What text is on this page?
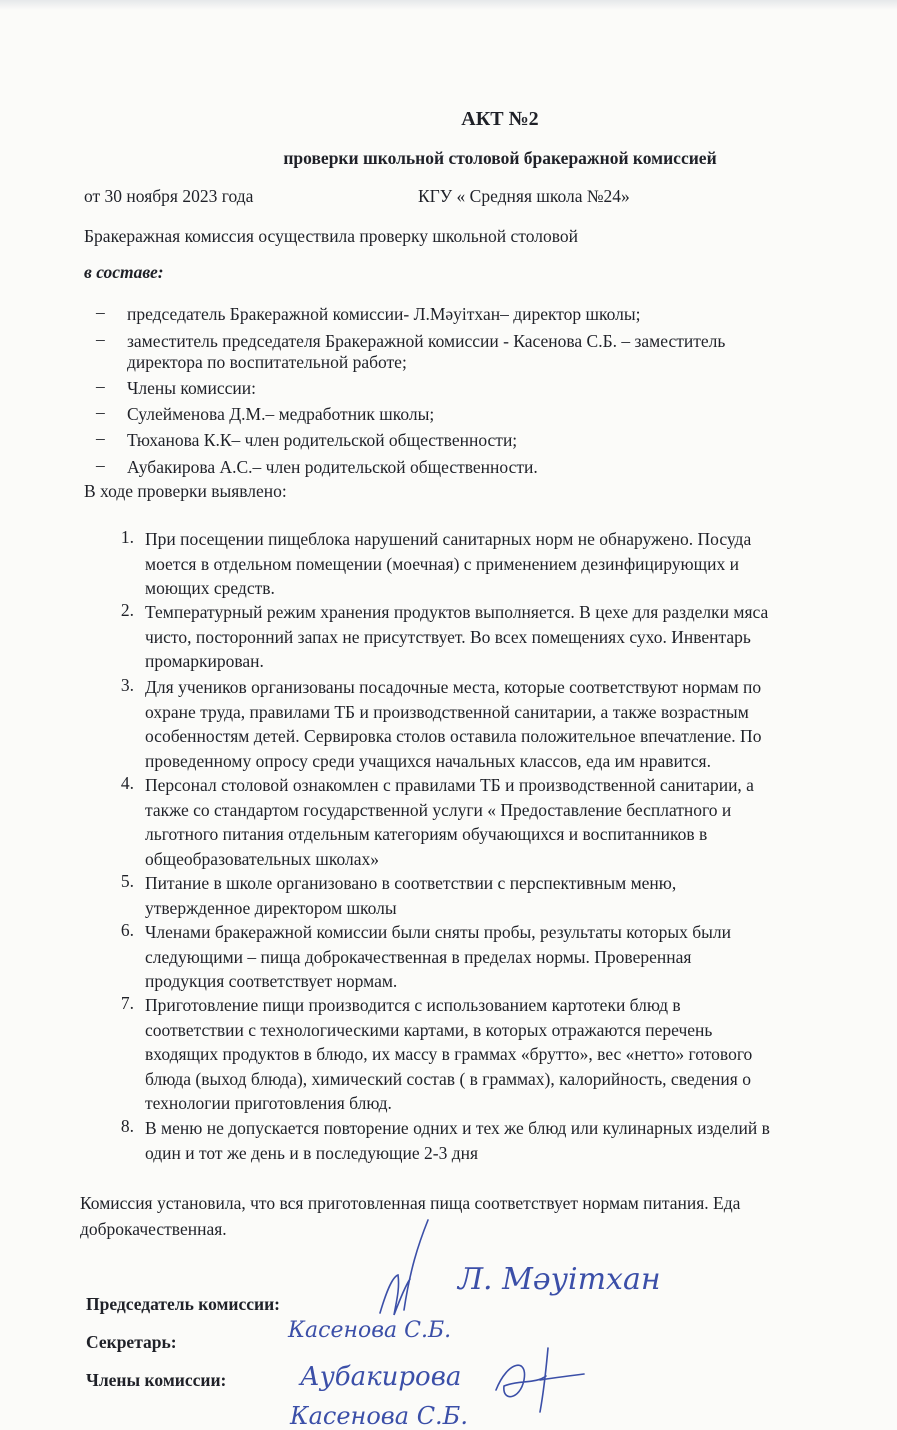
АКТ №2
проверки школьной столовой бракеражной комиссией
от 30 ноября 2023 года	КГУ « Средняя школа №24»
Бракеражная комиссия осуществила проверку школьной столовой
в составе:
– председатель Бракеражной комиссии- Л.Мәуітхан– директор школы;
– заместитель председателя Бракеражной комиссии - Касенова С.Б. – заместитель
директора по воспитательной работе;
– Члены комиссии:
– Сулейменова Д.М.– медработник школы;
– Тюханова К.К– член родительской общественности;
– Аубакирова А.С.– член родительской общественности.
В ходе проверки выявлено:
1. При посещении пищеблока нарушений санитарных норм не обнаружено. Посуда
моется в отдельном помещении (моечная) с применением дезинфицирующих и
моющих средств.
2. Температурный режим хранения продуктов выполняется. В цехе для разделки мяса
чисто, посторонний запах не присутствует. Во всех помещениях сухо. Инвентарь
промаркирован.
3. Для учеников организованы посадочные места, которые соответствуют нормам по
охране труда, правилами ТБ и производственной санитарии, а также возрастным
особенностям детей. Сервировка столов оставила положительное впечатление. По
проведенному опросу среди учащихся начальных классов, еда им нравится.
4. Персонал столовой ознакомлен с правилами ТБ и производственной санитарии, а
также со стандартом государственной услуги « Предоставление бесплатного и
льготного питания отдельным категориям обучающихся и воспитанников в
общеобразовательных школах»
5. Питание в школе организовано в соответствии с перспективным меню,
утвержденное директором школы
6. Членами бракеражной комиссии были сняты пробы, результаты которых были
следующими – пища доброкачественная в пределах нормы. Проверенная
продукция соответствует нормам.
7. Приготовление пищи производится с использованием картотеки блюд в
соответствии с технологическими картами, в которых отражаются перечень
входящих продуктов в блюдо, их массу в граммах «брутто», вес «нетто» готового
блюда (выход блюда), химический состав ( в граммах), калорийность, сведения о
технологии приготовления блюд.
8. В меню не допускается повторение одних и тех же блюд или кулинарных изделий в
один и тот же день и в последующие 2-3 дня
Комиссия установила, что вся приготовленная пища соответствует нормам питания. Еда
доброкачественная.
Председатель комиссии:
Секретарь:
Члены комиссии:
Л. Мәуітхан
Касенова С.Б.
Аубакирова
Касенова С.Б.
